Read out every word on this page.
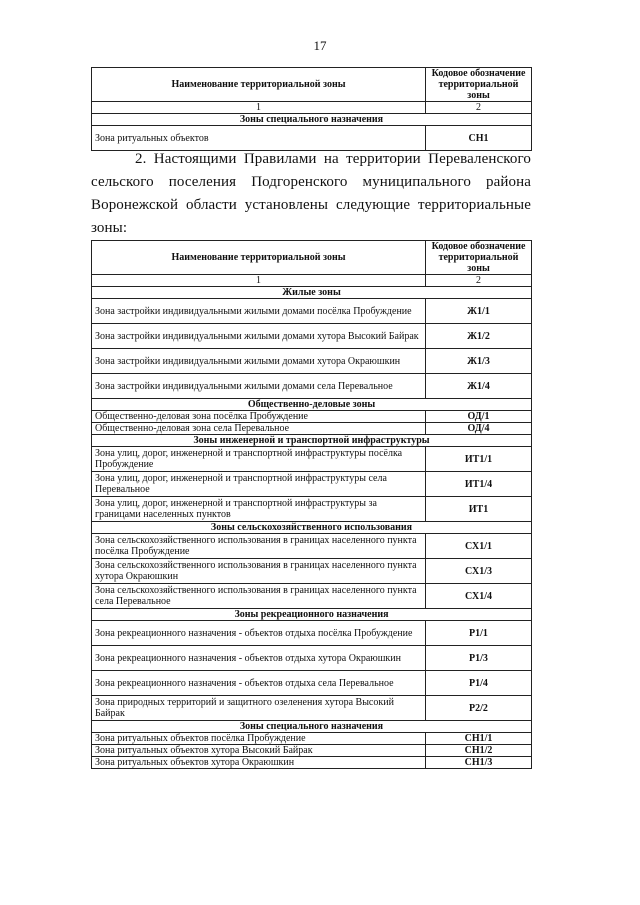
17
Наименование территориальной зоны	Кодовое обозначение территориальной зоны
1	2
Зоны специального назначения	
Зона ритуальных объектов	СН1
2. Настоящими Правилами на территории Переваленского сельского поселения Подгоренского муниципального района Воронежской области установлены следующие территориальные зоны:
Наименование территориальной зоны	Кодовое обозначение территориальной зоны
1	2
Жилые зоны	
Зона застройки индивидуальными жилыми домами посёлка Пробуждение	Ж1/1
Зона застройки индивидуальными жилыми домами хутора Высокий Байрак	Ж1/2
Зона застройки индивидуальными жилыми домами хутора Окраюшкин	Ж1/3
Зона застройки индивидуальными жилыми домами села Перевальное	Ж1/4
Общественно-деловые зоны	
Общественно-деловая зона посёлка Пробуждение	ОД/1
Общественно-деловая зона села Перевальное	ОД/4
Зоны инженерной и транспортной инфраструктуры	
Зона улиц, дорог, инженерной и транспортной инфраструктуры посёлка Пробуждение	ИТ1/1
Зона улиц, дорог, инженерной и транспортной инфраструктуры села Перевальное	ИТ1/4
Зона улиц, дорог, инженерной и транспортной инфраструктуры за границами населенных пунктов	ИТ1
Зоны сельскохозяйственного использования	
Зона сельскохозяйственного использования в границах населенного пункта посёлка Пробуждение	СХ1/1
Зона сельскохозяйственного использования в границах населенного пункта хутора Окраюшкин	СХ1/3
Зона сельскохозяйственного использования в границах населенного пункта села Перевальное	СХ1/4
Зоны рекреационного назначения	
Зона рекреационного назначения - объектов отдыха посёлка Пробуждение	Р1/1
Зона рекреационного назначения - объектов отдыха хутора Окраюшкин	Р1/3
Зона рекреационного назначения - объектов отдыха села Перевальное	Р1/4
Зона природных территорий и защитного озеленения хутора Высокий Байрак	Р2/2
Зоны специального назначения	
Зона ритуальных объектов посёлка Пробуждение	СН1/1
Зона ритуальных объектов хутора Высокий Байрак	СН1/2
Зона ритуальных объектов хутора Окраюшкин	СН1/3
